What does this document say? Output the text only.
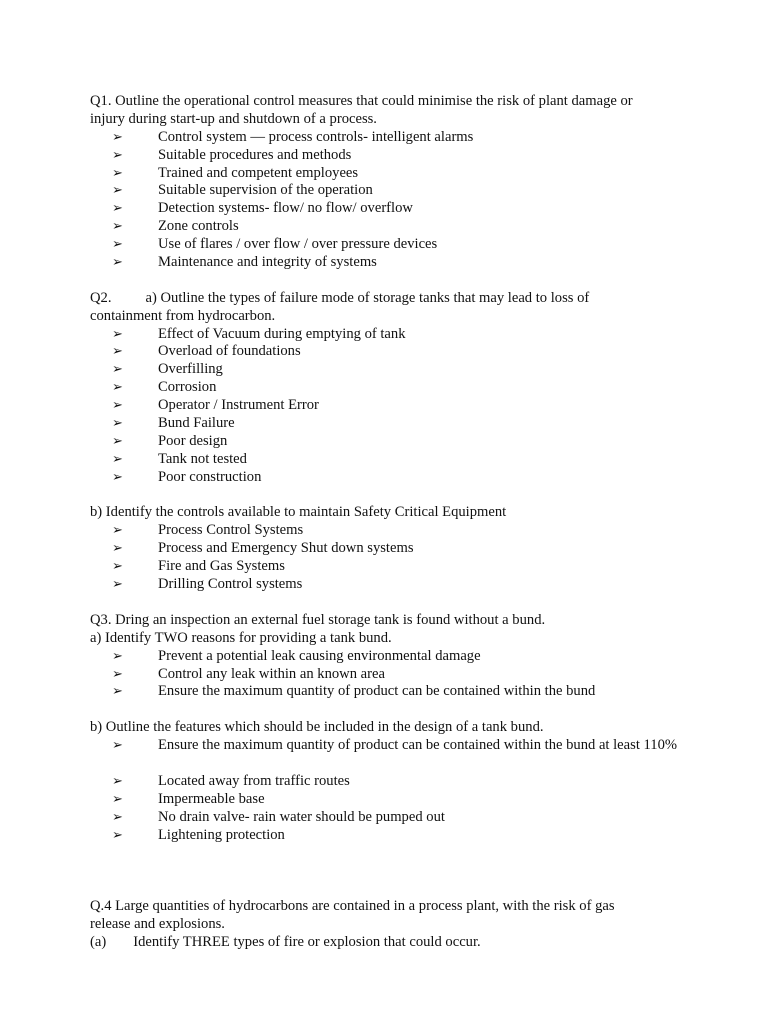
Q1. Outline the operational control measures that could minimise the risk of plant damage or
injury during start-up and shutdown of a process.
➢ Control system — process controls- intelligent alarms
➢ Suitable procedures and methods
➢ Trained and competent employees
➢ Suitable supervision of the operation
➢ Detection systems- flow/ no flow/ overflow
➢ Zone controls
➢ Use of flares / over flow / over pressure devices
➢ Maintenance and integrity of systems
Q2. a) Outline the types of failure mode of storage tanks that may lead to loss of
containment from hydrocarbon.
➢ Effect of Vacuum during emptying of tank
➢ Overload of foundations
➢ Overfilling
➢ Corrosion
➢ Operator / Instrument Error
➢ Bund Failure
➢ Poor design
➢ Tank not tested
➢ Poor construction
b) Identify the controls available to maintain Safety Critical Equipment
➢ Process Control Systems
➢ Process and Emergency Shut down systems
➢ Fire and Gas Systems
➢ Drilling Control systems
Q3. Dring an inspection an external fuel storage tank is found without a bund.
a) Identify TWO reasons for providing a tank bund.
➢ Prevent a potential leak causing environmental damage
➢ Control any leak within an known area
➢ Ensure the maximum quantity of product can be contained within the bund
b) Outline the features which should be included in the design of a tank bund.
➢ Ensure the maximum quantity of product can be contained within the bund at least 110%
➢ Located away from traffic routes
➢ Impermeable base
➢ No drain valve- rain water should be pumped out
➢ Lightening protection
Q.4 Large quantities of hydrocarbons are contained in a process plant, with the risk of gas
release and explosions.
(a) Identify THREE types of fire or explosion that could occur.
